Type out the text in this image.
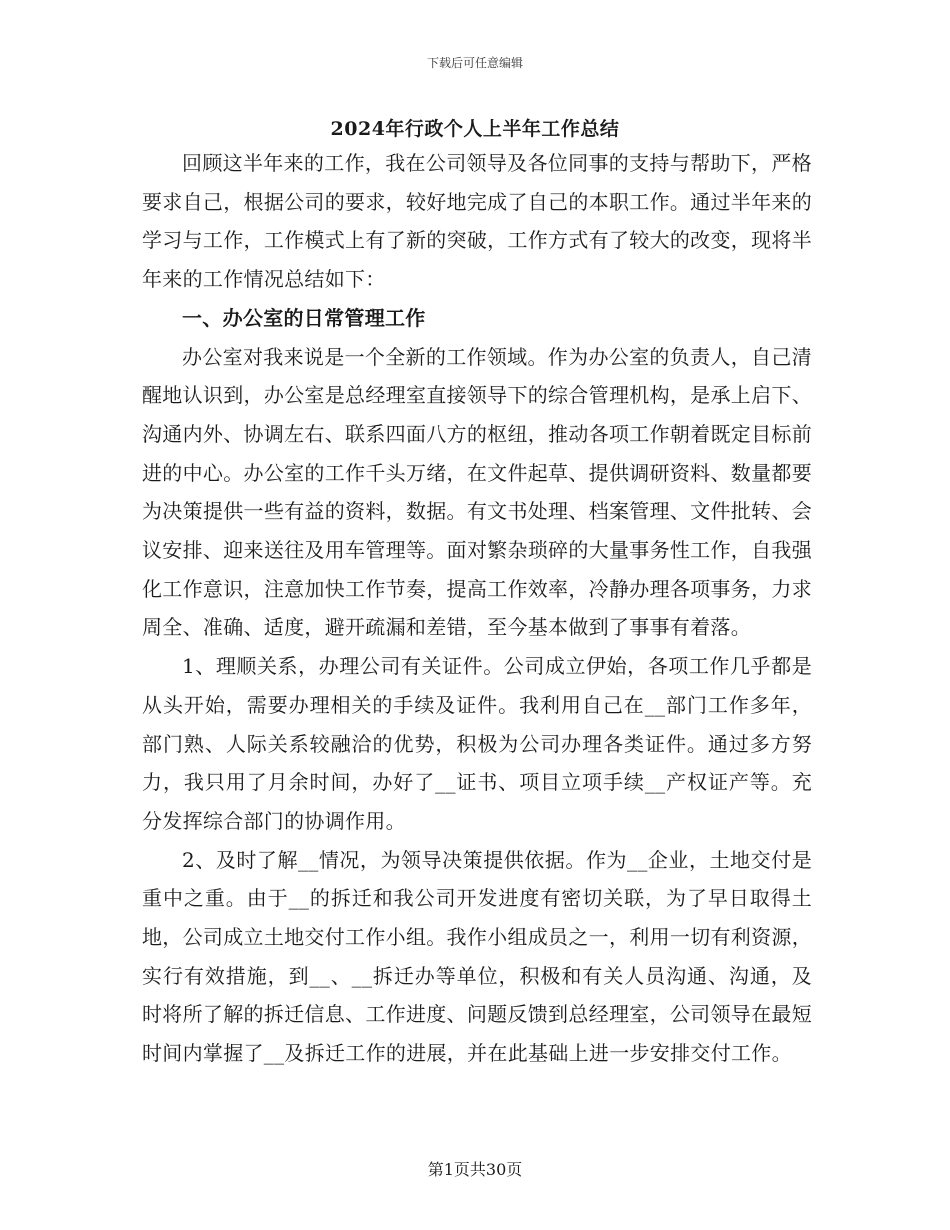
下载后可任意编辑
2024年行政个人上半年工作总结

回顾这半年来的工作，我在公司领导及各位同事的支持与帮助下，严格要求自己，根据公司的要求，较好地完成了自己的本职工作。通过半年来的学习与工作，工作模式上有了新的突破，工作方式有了较大的改变，现将半年来的工作情况总结如下：

一、办公室的日常管理工作

办公室对我来说是一个全新的工作领域。作为办公室的负责人，自己清醒地认识到，办公室是总经理室直接领导下的综合管理机构，是承上启下、沟通内外、协调左右、联系四面八方的枢纽，推动各项工作朝着既定目标前进的中心。办公室的工作千头万绪，在文件起草、提供调研资料、数量都要为决策提供一些有益的资料，数据。有文书处理、档案管理、文件批转、会议安排、迎来送往及用车管理等。面对繁杂琐碎的大量事务性工作，自我强化工作意识，注意加快工作节奏，提高工作效率，冷静办理各项事务，力求周全、准确、适度，避开疏漏和差错，至今基本做到了事事有着落。

1、理顺关系，办理公司有关证件。公司成立伊始，各项工作几乎都是从头开始，需要办理相关的手续及证件。我利用自己在__部门工作多年，部门熟、人际关系较融洽的优势，积极为公司办理各类证件。通过多方努力，我只用了月余时间，办好了__证书、项目立项手续__产权证产等。充分发挥综合部门的协调作用。

2、及时了解__情况，为领导决策提供依据。作为__企业，土地交付是重中之重。由于__的拆迁和我公司开发进度有密切关联，为了早日取得土地，公司成立土地交付工作小组。我作小组成员之一，利用一切有利资源，实行有效措施，到__、__拆迁办等单位，积极和有关人员沟通、沟通，及时将所了解的拆迁信息、工作进度、问题反馈到总经理室，公司领导在最短时间内掌握了__及拆迁工作的进展，并在此基础上进一步安排交付工作。

第1页共30页
